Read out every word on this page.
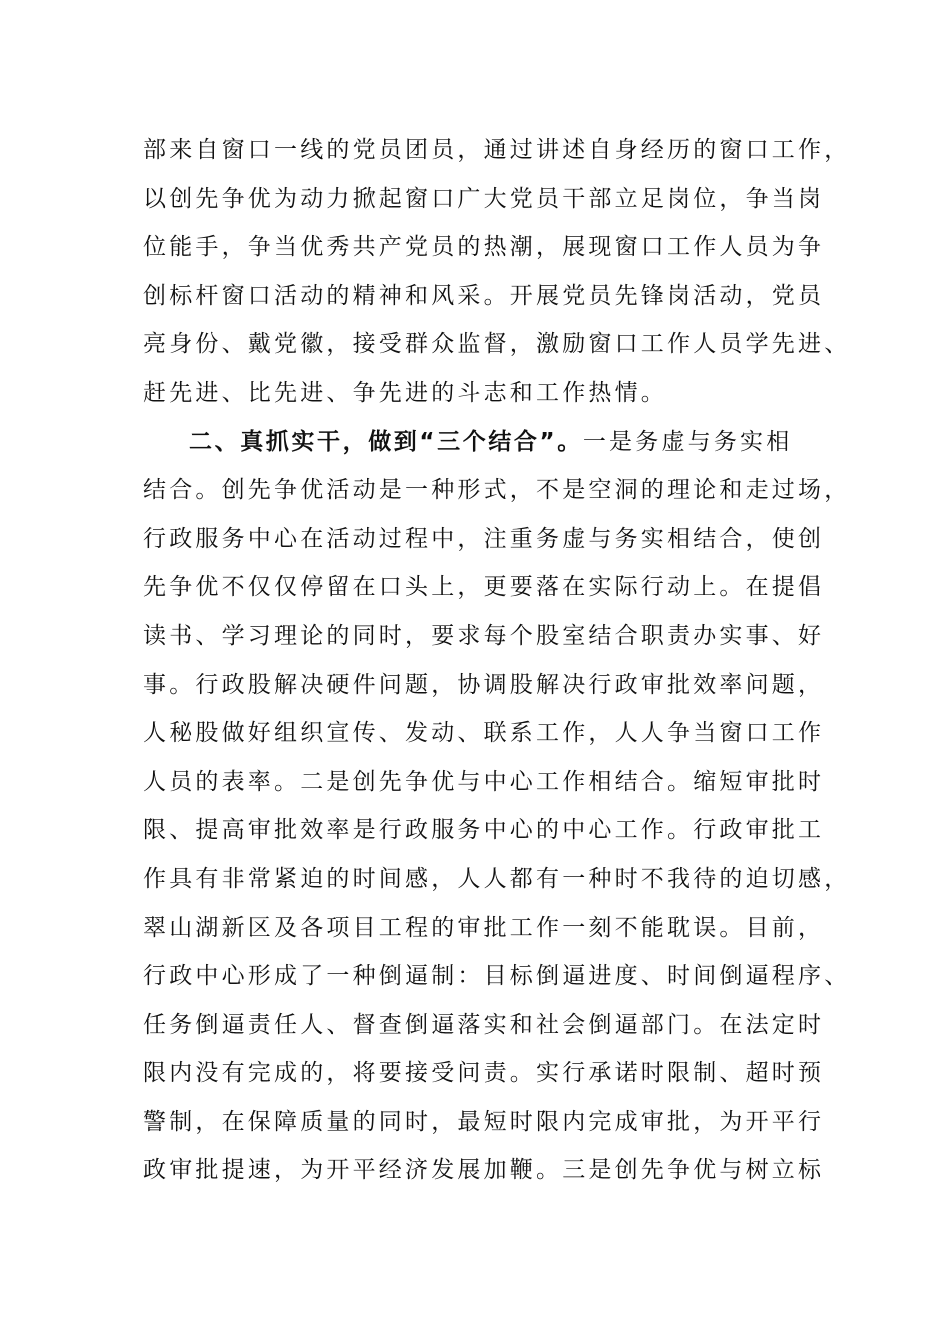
部来自窗口一线的党员团员，通过讲述自身经历的窗口工作，
以创先争优为动力掀起窗口广大党员干部立足岗位，争当岗
位能手，争当优秀共产党员的热潮，展现窗口工作人员为争
创标杆窗口活动的精神和风采。开展党员先锋岗活动，党员
亮身份、戴党徽，接受群众监督，激励窗口工作人员学先进、
赶先进、比先进、争先进的斗志和工作热情。
二、真抓实干，做到“三个结合”。一是务虚与务实相
结合。创先争优活动是一种形式，不是空洞的理论和走过场，
行政服务中心在活动过程中，注重务虚与务实相结合，使创
先争优不仅仅停留在口头上，更要落在实际行动上。在提倡
读书、学习理论的同时，要求每个股室结合职责办实事、好
事。行政股解决硬件问题，协调股解决行政审批效率问题，
人秘股做好组织宣传、发动、联系工作，人人争当窗口工作
人员的表率。二是创先争优与中心工作相结合。缩短审批时
限、提高审批效率是行政服务中心的中心工作。行政审批工
作具有非常紧迫的时间感，人人都有一种时不我待的迫切感，
翠山湖新区及各项目工程的审批工作一刻不能耽误。目前，
行政中心形成了一种倒逼制：目标倒逼进度、时间倒逼程序、
任务倒逼责任人、督查倒逼落实和社会倒逼部门。在法定时
限内没有完成的，将要接受问责。实行承诺时限制、超时预
警制，在保障质量的同时，最短时限内完成审批，为开平行
政审批提速，为开平经济发展加鞭。三是创先争优与树立标
